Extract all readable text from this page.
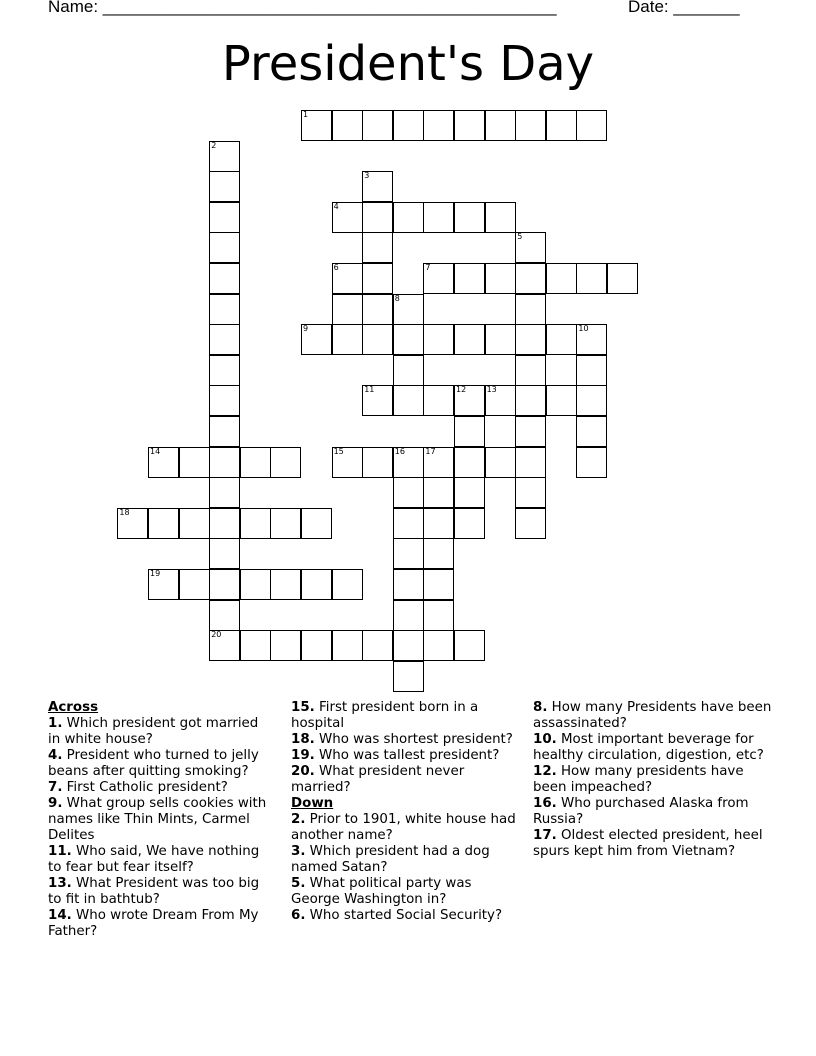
Name: ________________________________________________	Date: _______
President's Day
1
2
3
4
5
6	7
8
9	10
11	12	13
14	15	16	17
18
19
20
Across
1. Which president got married in white house?
4. President who turned to jelly beans after quitting smoking?
7. First Catholic president?
9. What group sells cookies with names like Thin Mints, Carmel Delites
11. Who said, We have nothing to fear but fear itself?
13. What President was too big to fit in bathtub?
14. Who wrote Dream From My Father?
15. First president born in a hospital
18. Who was shortest president?
19. Who was tallest president?
20. What president never married?
Down
2. Prior to 1901, white house had another name?
3. Which president had a dog named Satan?
5. What political party was George Washington in?
6. Who started Social Security?
8. How many Presidents have been assassinated?
10. Most important beverage for healthy circulation, digestion, etc?
12. How many presidents have been impeached?
16. Who purchased Alaska from Russia?
17. Oldest elected president, heel spurs kept him from Vietnam?
